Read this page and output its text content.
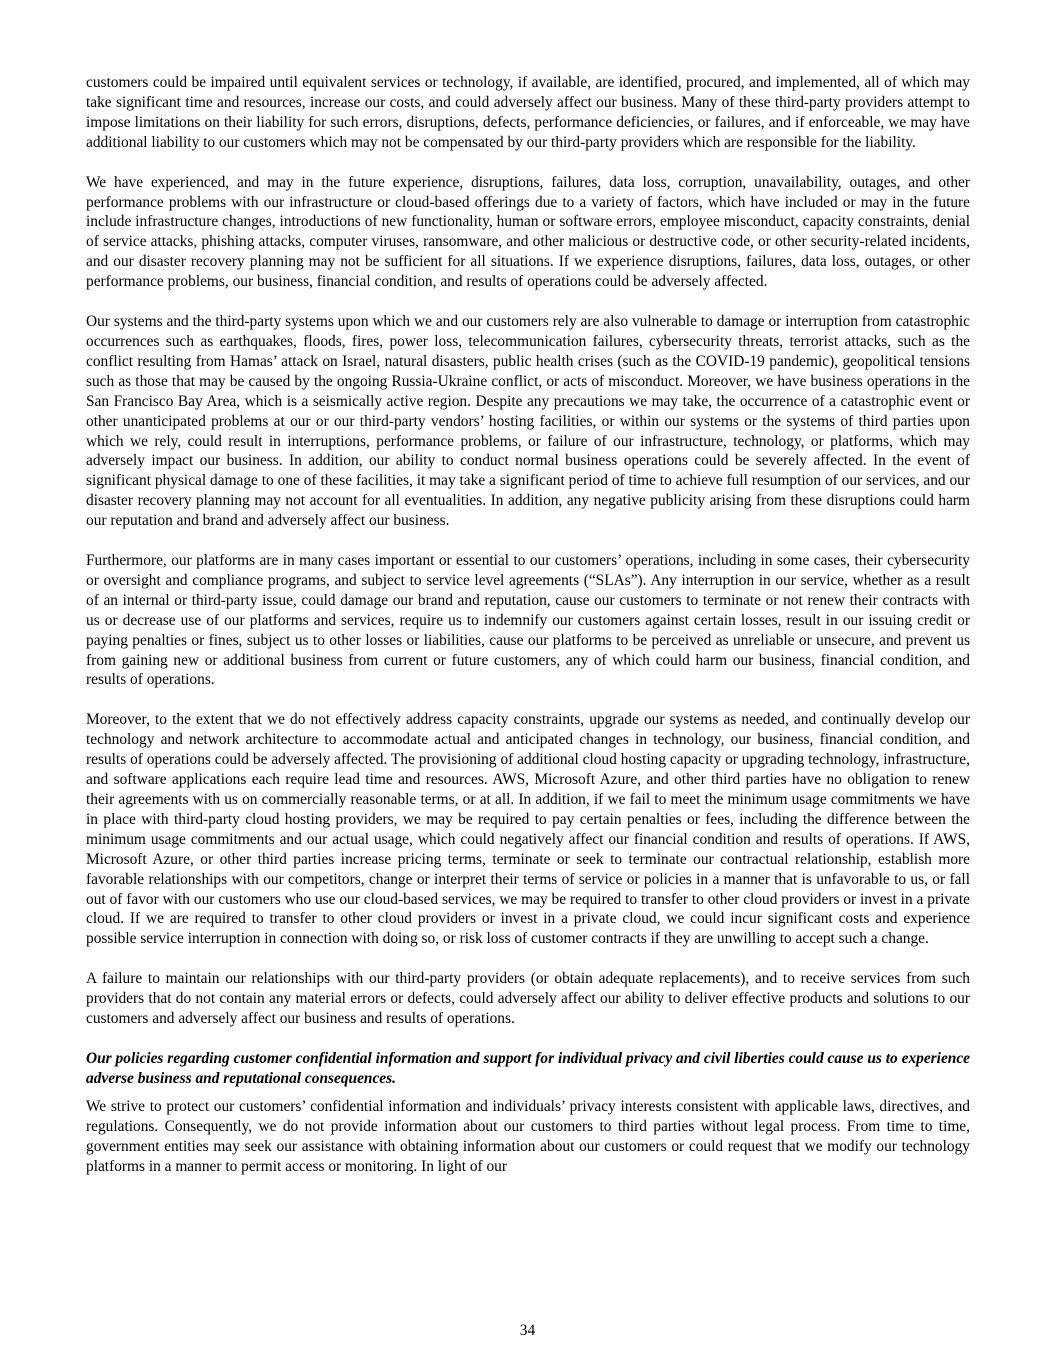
customers could be impaired until equivalent services or technology, if available, are identified, procured, and implemented, all of which may take significant time and resources, increase our costs, and could adversely affect our business. Many of these third-party providers attempt to impose limitations on their liability for such errors, disruptions, defects, performance deficiencies, or failures, and if enforceable, we may have additional liability to our customers which may not be compensated by our third-party providers which are responsible for the liability.

We have experienced, and may in the future experience, disruptions, failures, data loss, corruption, unavailability, outages, and other performance problems with our infrastructure or cloud-based offerings due to a variety of factors, which have included or may in the future include infrastructure changes, introductions of new functionality, human or software errors, employee misconduct, capacity constraints, denial of service attacks, phishing attacks, computer viruses, ransomware, and other malicious or destructive code, or other security-related incidents, and our disaster recovery planning may not be sufficient for all situations. If we experience disruptions, failures, data loss, outages, or other performance problems, our business, financial condition, and results of operations could be adversely affected.

Our systems and the third-party systems upon which we and our customers rely are also vulnerable to damage or interruption from catastrophic occurrences such as earthquakes, floods, fires, power loss, telecommunication failures, cybersecurity threats, terrorist attacks, such as the conflict resulting from Hamas’ attack on Israel, natural disasters, public health crises (such as the COVID-19 pandemic), geopolitical tensions such as those that may be caused by the ongoing Russia-Ukraine conflict, or acts of misconduct. Moreover, we have business operations in the San Francisco Bay Area, which is a seismically active region. Despite any precautions we may take, the occurrence of a catastrophic event or other unanticipated problems at our or our third-party vendors’ hosting facilities, or within our systems or the systems of third parties upon which we rely, could result in interruptions, performance problems, or failure of our infrastructure, technology, or platforms, which may adversely impact our business. In addition, our ability to conduct normal business operations could be severely affected. In the event of significant physical damage to one of these facilities, it may take a significant period of time to achieve full resumption of our services, and our disaster recovery planning may not account for all eventualities. In addition, any negative publicity arising from these disruptions could harm our reputation and brand and adversely affect our business.

Furthermore, our platforms are in many cases important or essential to our customers’ operations, including in some cases, their cybersecurity or oversight and compliance programs, and subject to service level agreements (“SLAs”). Any interruption in our service, whether as a result of an internal or third-party issue, could damage our brand and reputation, cause our customers to terminate or not renew their contracts with us or decrease use of our platforms and services, require us to indemnify our customers against certain losses, result in our issuing credit or paying penalties or fines, subject us to other losses or liabilities, cause our platforms to be perceived as unreliable or unsecure, and prevent us from gaining new or additional business from current or future customers, any of which could harm our business, financial condition, and results of operations.

Moreover, to the extent that we do not effectively address capacity constraints, upgrade our systems as needed, and continually develop our technology and network architecture to accommodate actual and anticipated changes in technology, our business, financial condition, and results of operations could be adversely affected. The provisioning of additional cloud hosting capacity or upgrading technology, infrastructure, and software applications each require lead time and resources. AWS, Microsoft Azure, and other third parties have no obligation to renew their agreements with us on commercially reasonable terms, or at all. In addition, if we fail to meet the minimum usage commitments we have in place with third-party cloud hosting providers, we may be required to pay certain penalties or fees, including the difference between the minimum usage commitments and our actual usage, which could negatively affect our financial condition and results of operations. If AWS, Microsoft Azure, or other third parties increase pricing terms, terminate or seek to terminate our contractual relationship, establish more favorable relationships with our competitors, change or interpret their terms of service or policies in a manner that is unfavorable to us, or fall out of favor with our customers who use our cloud-based services, we may be required to transfer to other cloud providers or invest in a private cloud. If we are required to transfer to other cloud providers or invest in a private cloud, we could incur significant costs and experience possible service interruption in connection with doing so, or risk loss of customer contracts if they are unwilling to accept such a change.

A failure to maintain our relationships with our third-party providers (or obtain adequate replacements), and to receive services from such providers that do not contain any material errors or defects, could adversely affect our ability to deliver effective products and solutions to our customers and adversely affect our business and results of operations.

Our policies regarding customer confidential information and support for individual privacy and civil liberties could cause us to experience adverse business and reputational consequences.

We strive to protect our customers’ confidential information and individuals’ privacy interests consistent with applicable laws, directives, and regulations. Consequently, we do not provide information about our customers to third parties without legal process. From time to time, government entities may seek our assistance with obtaining information about our customers or could request that we modify our technology platforms in a manner to permit access or monitoring. In light of our

34
